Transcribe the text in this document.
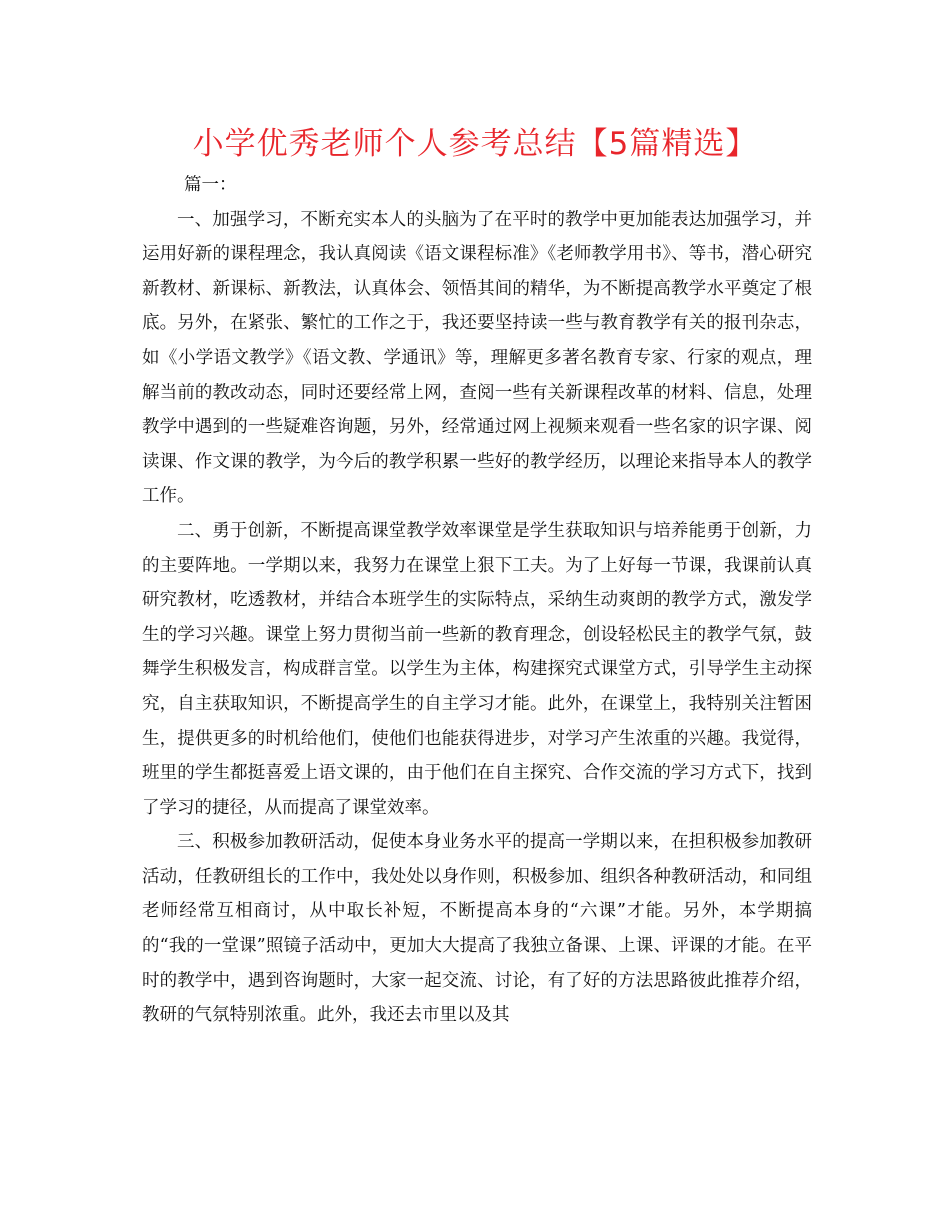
小学优秀老师个人参考总结【5篇精选】

篇一：

一、加强学习，不断充实本人的头脑为了在平时的教学中更加能表达加强学习，并运用好新的课程理念，我认真阅读《语文课程标准》《老师教学用书》、等书，潜心研究新教材、新课标、新教法，认真体会、领悟其间的精华，为不断提高教学水平奠定了根底。另外，在紧张、繁忙的工作之于，我还要坚持读一些与教育教学有关的报刊杂志，如《小学语文教学》《语文教、学通讯》等，理解更多著名教育专家、行家的观点，理解当前的教改动态，同时还要经常上网，查阅一些有关新课程改革的材料、信息，处理教学中遇到的一些疑难咨询题，另外，经常通过网上视频来观看一些名家的识字课、阅读课、作文课的教学，为今后的教学积累一些好的教学经历，以理论来指导本人的教学工作。

二、勇于创新，不断提高课堂教学效率课堂是学生获取知识与培养能勇于创新，力的主要阵地。一学期以来，我努力在课堂上狠下工夫。为了上好每一节课，我课前认真研究教材，吃透教材，并结合本班学生的实际特点，采纳生动爽朗的教学方式，激发学生的学习兴趣。课堂上努力贯彻当前一些新的教育理念，创设轻松民主的教学气氛，鼓舞学生积极发言，构成群言堂。以学生为主体，构建探究式课堂方式，引导学生主动探究，自主获取知识，不断提高学生的自主学习才能。此外，在课堂上，我特别关注暂困生，提供更多的时机给他们，使他们也能获得进步，对学习产生浓重的兴趣。我觉得，班里的学生都挺喜爱上语文课的，由于他们在自主探究、合作交流的学习方式下，找到了学习的捷径，从而提高了课堂效率。

三、积极参加教研活动，促使本身业务水平的提高一学期以来，在担积极参加教研活动，任教研组长的工作中，我处处以身作则，积极参加、组织各种教研活动，和同组老师经常互相商讨，从中取长补短，不断提高本身的“六课”才能。另外，本学期搞的“我的一堂课”照镜子活动中，更加大大提高了我独立备课、上课、评课的才能。在平时的教学中，遇到咨询题时，大家一起交流、讨论，有了好的方法思路彼此推荐介绍，教研的气氛特别浓重。此外，我还去市里以及其
